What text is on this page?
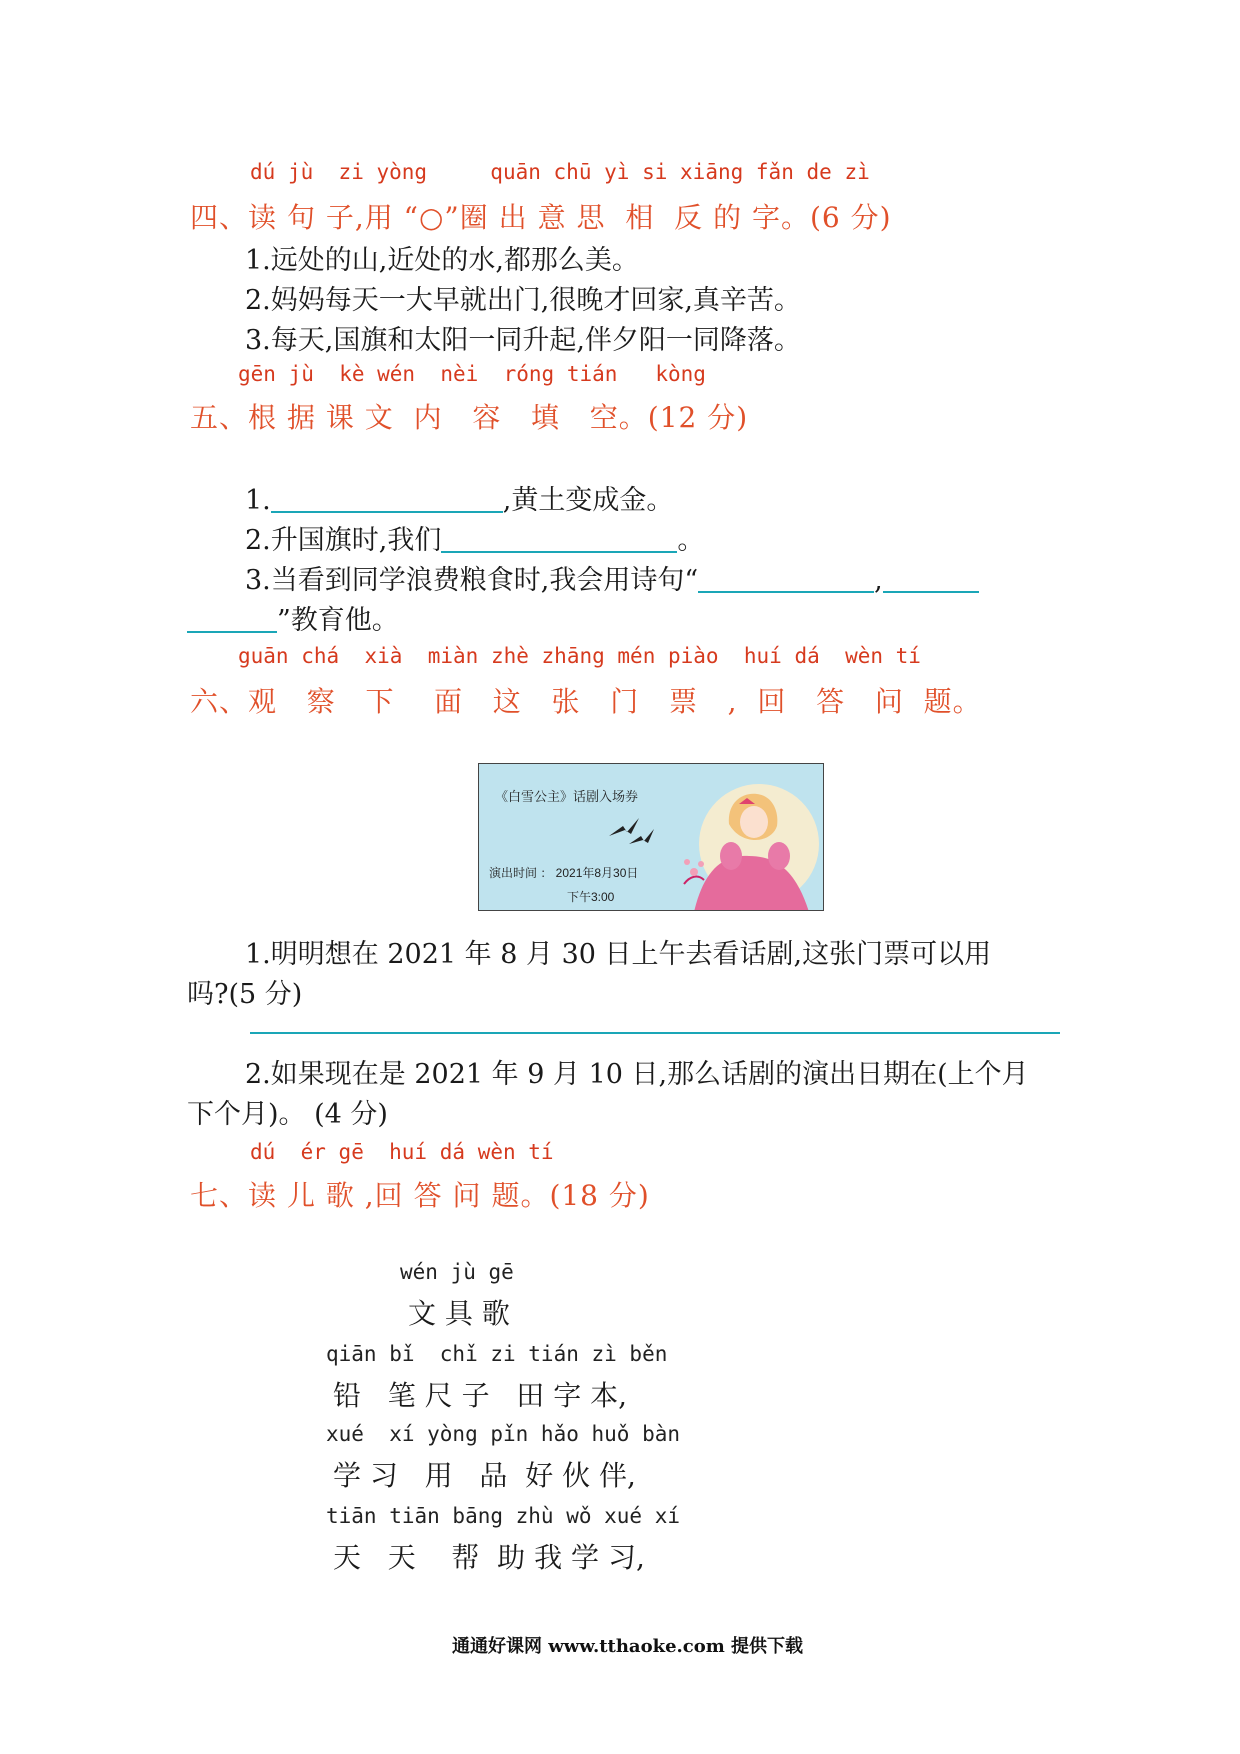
dú jù zi yòng	quān chū yì si xiāng fǎn de zì
四、读 句 子,用 “○”圈 出 意 思 相 反 的 字。(6 分)
1.远处的山,近处的水,都那么美。
2.妈妈每天一大早就出门,很晚才回家,真辛苦。
3.每天,国旗和太阳一同升起,伴夕阳一同降落。
gēn jù kè wén nèi róng tián kòng
五、根 据 课 文 内 容 填 空。(12 分)
1.	,黄土变成金。
2.升国旗时,我们	。
3.当看到同学浪费粮食时,我会用诗句“	,
”教育他。
guān chá xià miàn zhè zhāng mén piào huí dá wèn tí
六、观 察 下 面 这 张 门 票 , 回 答 问 题。
《白雪公主》话剧入场券
演出时间 ： 2021年8月30日
下午3:00
1.明明想在 2021 年 8 月 30 日上午去看话剧,这张门票可以用
吗?(5 分)
2.如果现在是 2021 年 9 月 10 日,那么话剧的演出日期在(上个月
下个月)。 (4 分)
dú ér gē huí dá wèn tí
七、读 儿 歌 ,回 答 问 题。(18 分)
wén jù gē
文 具 歌
qiān bǐ  chǐ zi tián zì běn
铅 笔 尺 子 田 字 本,
xué  xí yòng pǐn hǎo huǒ bàn
学 习 用 品 好 伙 伴,
tiān tiān bāng zhù wǒ xué xí
天 天 帮 助 我 学 习,
通通好课网 www.tthaoke.com 提供下载
